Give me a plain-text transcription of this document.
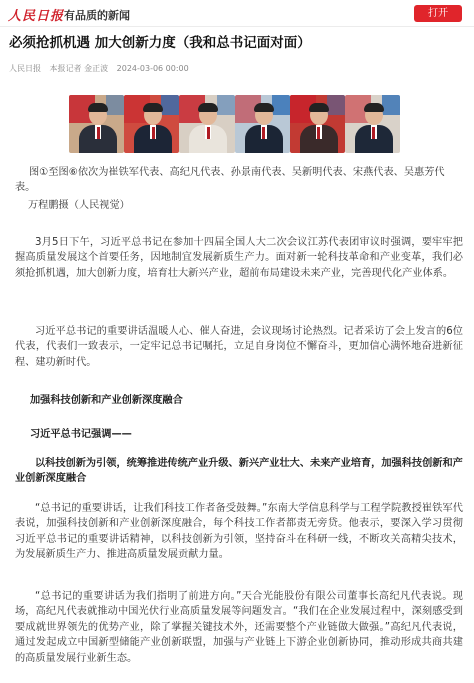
人民日报 有品质的新闻	打开
必须抢抓机遇 加大创新力度（我和总书记面对面）
人民日报 本报记者 金正波 2024-03-06 00:00
图①至图⑥依次为崔铁军代表、高纪凡代表、孙景南代表、吴新明代表、宋燕代表、吴惠芳代表。
万程鹏摄（人民视觉）
3月5日下午，习近平总书记在参加十四届全国人大二次会议江苏代表团审议时强调，要牢牢把握高质量发展这个首要任务，因地制宜发展新质生产力。面对新一轮科技革命和产业变革，我们必须抢抓机遇，加大创新力度，培育壮大新兴产业，超前布局建设未来产业，完善现代化产业体系。
习近平总书记的重要讲话温暖人心、催人奋进，会议现场讨论热烈。记者采访了会上发言的6位代表，代表们一致表示，一定牢记总书记嘱托，立足自身岗位不懈奋斗，更加信心满怀地奋进新征程、建功新时代。
加强科技创新和产业创新深度融合
习近平总书记强调——
以科技创新为引领，统筹推进传统产业升级、新兴产业壮大、未来产业培育，加强科技创新和产业创新深度融合
“总书记的重要讲话，让我们科技工作者备受鼓舞。”东南大学信息科学与工程学院教授崔铁军代表说，加强科技创新和产业创新深度融合，每个科技工作者都责无旁贷。他表示，要深入学习贯彻习近平总书记的重要讲话精神，以科技创新为引领，坚持奋斗在科研一线，不断攻关高精尖技术，为发展新质生产力、推进高质量发展贡献力量。
“总书记的重要讲话为我们指明了前进方向。”天合光能股份有限公司董事长高纪凡代表说。现场，高纪凡代表就推动中国光伏行业高质量发展等问题发言。“我们在企业发展过程中，深刻感受到要成就世界领先的优势产业，除了掌握关键技术外，还需要整个产业链做大做强。”高纪凡代表说，通过发起成立中国新型储能产业创新联盟，加强与产业链上下游企业创新协同，推动形成共商共建的高质量发展行业新生态。
